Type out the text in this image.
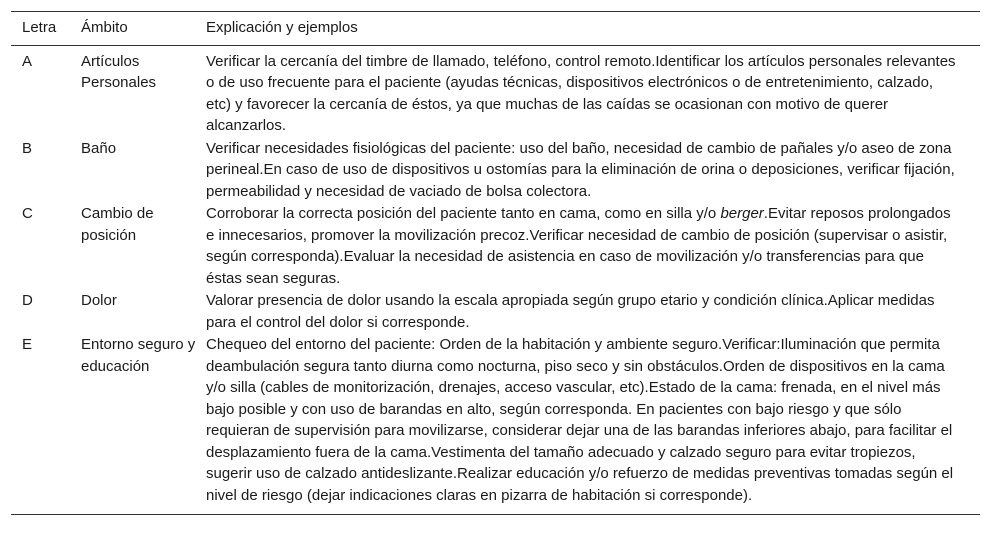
Letra	Ámbito	Explicación y ejemplos
A	Artículos Personales	Verificar la cercanía del timbre de llamado, teléfono, control remoto.Identificar los artículos personales relevantes o de uso frecuente para el paciente (ayudas técnicas, dispositivos electrónicos o de entretenimiento, calzado, etc) y favorecer la cercanía de éstos, ya que muchas de las caídas se ocasionan con motivo de querer alcanzarlos.
B	Baño	Verificar necesidades fisiológicas del paciente: uso del baño, necesidad de cambio de pañales y/o aseo de zona perineal.En caso de uso de dispositivos u ostomías para la eliminación de orina o deposiciones, verificar fijación, permeabilidad y necesidad de vaciado de bolsa colectora.
C	Cambio de posición	Corroborar la correcta posición del paciente tanto en cama, como en silla y/o berger.Evitar reposos prolongados e innecesarios, promover la movilización precoz.Verificar necesidad de cambio de posición (supervisar o asistir, según corresponda).Evaluar la necesidad de asistencia en caso de movilización y/o transferencias para que éstas sean seguras.
D	Dolor	Valorar presencia de dolor usando la escala apropiada según grupo etario y condición clínica.Aplicar medidas para el control del dolor si corresponde.
E	Entorno seguro y educación	Chequeo del entorno del paciente: Orden de la habitación y ambiente seguro.Verificar:Iluminación que permita deambulación segura tanto diurna como nocturna, piso seco y sin obstáculos.Orden de dispositivos en la cama y/o silla (cables de monitorización, drenajes, acceso vascular, etc).Estado de la cama: frenada, en el nivel más bajo posible y con uso de barandas en alto, según corresponda. En pacientes con bajo riesgo y que sólo requieran de supervisión para movilizarse, considerar dejar una de las barandas inferiores abajo, para facilitar el desplazamiento fuera de la cama.Vestimenta del tamaño adecuado y calzado seguro para evitar tropiezos, sugerir uso de calzado antideslizante.Realizar educación y/o refuerzo de medidas preventivas tomadas según el nivel de riesgo (dejar indicaciones claras en pizarra de habitación si corresponde).
